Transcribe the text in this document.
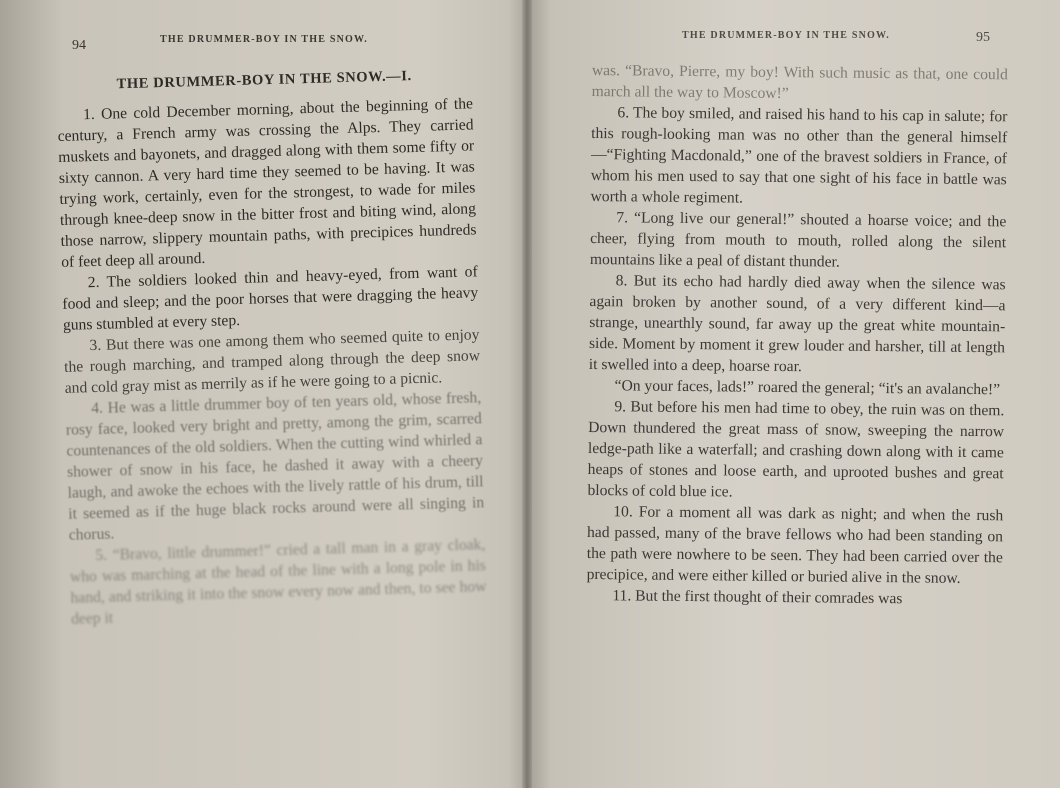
94	THE DRUMMER-BOY IN THE SNOW.
THE DRUMMER-BOY IN THE SNOW.—I.

1. One cold December morning, about the beginning of the century, a French army was crossing the Alps. They carried muskets and bayonets, and dragged along with them some fifty or sixty cannon. A very hard time they seemed to be having. It was trying work, certainly, even for the strongest, to wade for miles through knee-deep snow in the bitter frost and biting wind, along those narrow, slippery mountain paths, with precipices hundreds of feet deep all around.

2. The soldiers looked thin and heavy-eyed, from want of food and sleep; and the poor horses that were dragging the heavy guns stumbled at every step.

3. But there was one among them who seemed quite to enjoy the rough marching, and tramped along through the deep snow and cold gray mist as merrily as if he were going to a picnic.

4. He was a little drummer boy of ten years old, whose fresh, rosy face, looked very bright and pretty, among the grim, scarred countenances of the old soldiers. When the cutting wind whirled a shower of snow in his face, he dashed it away with a cheery laugh, and awoke the echoes with the lively rattle of his drum, till it seemed as if the huge black rocks around were all singing in chorus.

5. “Bravo, little drummer!” cried a tall man in a gray cloak, who was marching at the head of the line with a long pole in his hand, and striking it into the snow every now and then, to see how deep it

THE DRUMMER-BOY IN THE SNOW.	95

was. “Bravo, Pierre, my boy! With such music as that, one could march all the way to Moscow!”

6. The boy smiled, and raised his hand to his cap in salute; for this rough-looking man was no other than the general himself—“Fighting Macdonald,” one of the bravest soldiers in France, of whom his men used to say that one sight of his face in battle was worth a whole regiment.

7. “Long live our general!” shouted a hoarse voice; and the cheer, flying from mouth to mouth, rolled along the silent mountains like a peal of distant thunder.

8. But its echo had hardly died away when the silence was again broken by another sound, of a very different kind—a strange, unearthly sound, far away up the great white mountain-side. Moment by moment it grew louder and harsher, till at length it swelled into a deep, hoarse roar.

“On your faces, lads!” roared the general; “it's an avalanche!”

9. But before his men had time to obey, the ruin was on them. Down thundered the great mass of snow, sweeping the narrow ledge-path like a waterfall; and crashing down along with it came heaps of stones and loose earth, and uprooted bushes and great blocks of cold blue ice.

10. For a moment all was dark as night; and when the rush had passed, many of the brave fellows who had been standing on the path were nowhere to be seen. They had been carried over the precipice, and were either killed or buried alive in the snow.

11. But the first thought of their comrades was
